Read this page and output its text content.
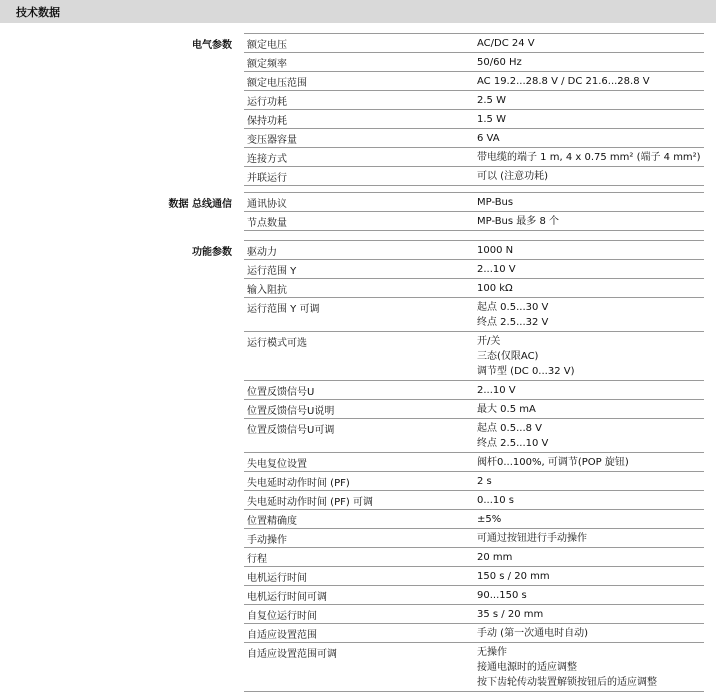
技术数据
电气参数 额定电压	AC/DC 24 V
额定频率	50/60 Hz
额定电压范围	AC 19.2...28.8 V / DC 21.6...28.8 V
运行功耗	2.5 W
保持功耗	1.5 W
变压器容量	6 VA
连接方式	带电缆的端子 1 m, 4 x 0.75 mm² (端子 4 mm²)
并联运行	可以 (注意功耗)
数据 总线通信 通讯协议	MP-Bus
节点数量	MP-Bus 最多 8 个
功能参数 驱动力	1000 N
运行范围 Y	2...10 V
输入阻抗	100 kΩ
运行范围 Y 可调	起点 0.5...30 V
终点 2.5...32 V
运行模式可选	开/关
三态(仅限AC)
调节型 (DC 0...32 V)
位置反馈信号U	2...10 V
位置反馈信号U说明	最大 0.5 mA
位置反馈信号U可调	起点 0.5...8 V
终点 2.5...10 V
失电复位设置	阀杆0...100%, 可调节(POP 旋钮)
失电延时动作时间 (PF)	2 s
失电延时动作时间 (PF) 可调	0...10 s
位置精确度	±5%
手动操作	可通过按钮进行手动操作
行程	20 mm
电机运行时间	150 s / 20 mm
电机运行时间可调	90...150 s
自复位运行时间	35 s / 20 mm
自适应设置范围	手动 (第一次通电时自动)
自适应设置范围可调	无操作
接通电源时的适应调整
按下齿轮传动装置解锁按钮后的适应调整
